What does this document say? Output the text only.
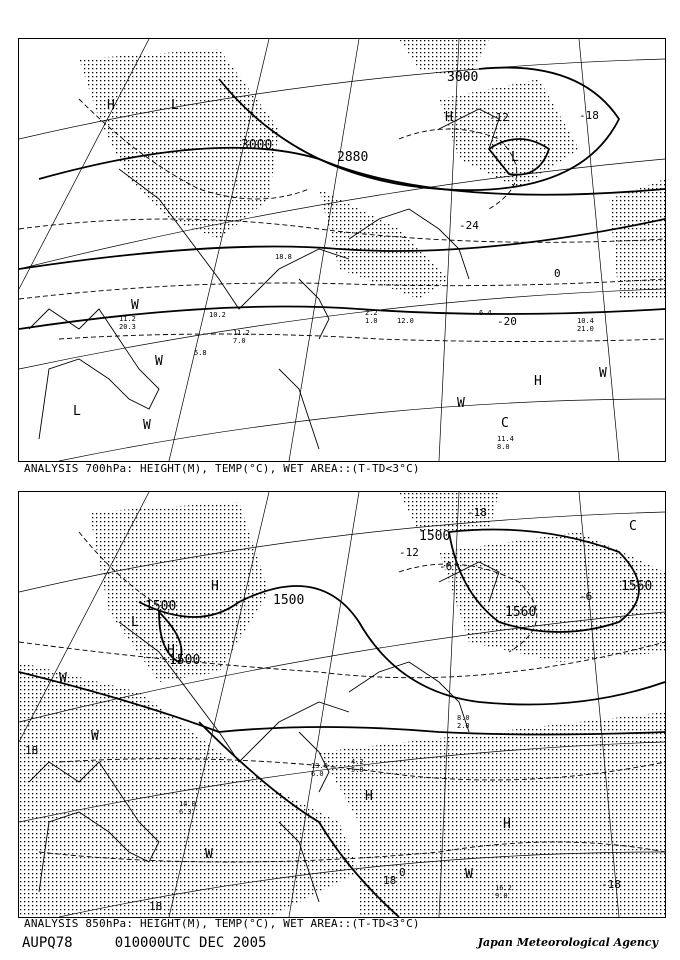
3000
3000
2880
-12	-18
0
-24
-20
H	L
H
L
W
W
H
W
W
W
C
L
11.2
20.3
10.2
5.8
11.2
7.0
18.8
10.4
21.0
11.4
8.0
12.0
6.4
2.2
1.0
ANALYSIS 700hPa: HEIGHT(M), TEMP(°C), WET AREA::(T-TD<3°C)
1500	1500
1500
1560
1560
1500
-18
-12
-6
0
-6
18
18
18	-18
H
L
H
W
W
H
H
W
W
C
14.0
6.3
16.2
9.0
13.0
6.0
4.2
5.8
8.0
2.0
ANALYSIS 850hPa: HEIGHT(M), TEMP(°C), WET AREA::(T-TD<3°C)
AUPQ78	010000UTC DEC 2005	Japan Meteorological Agency
